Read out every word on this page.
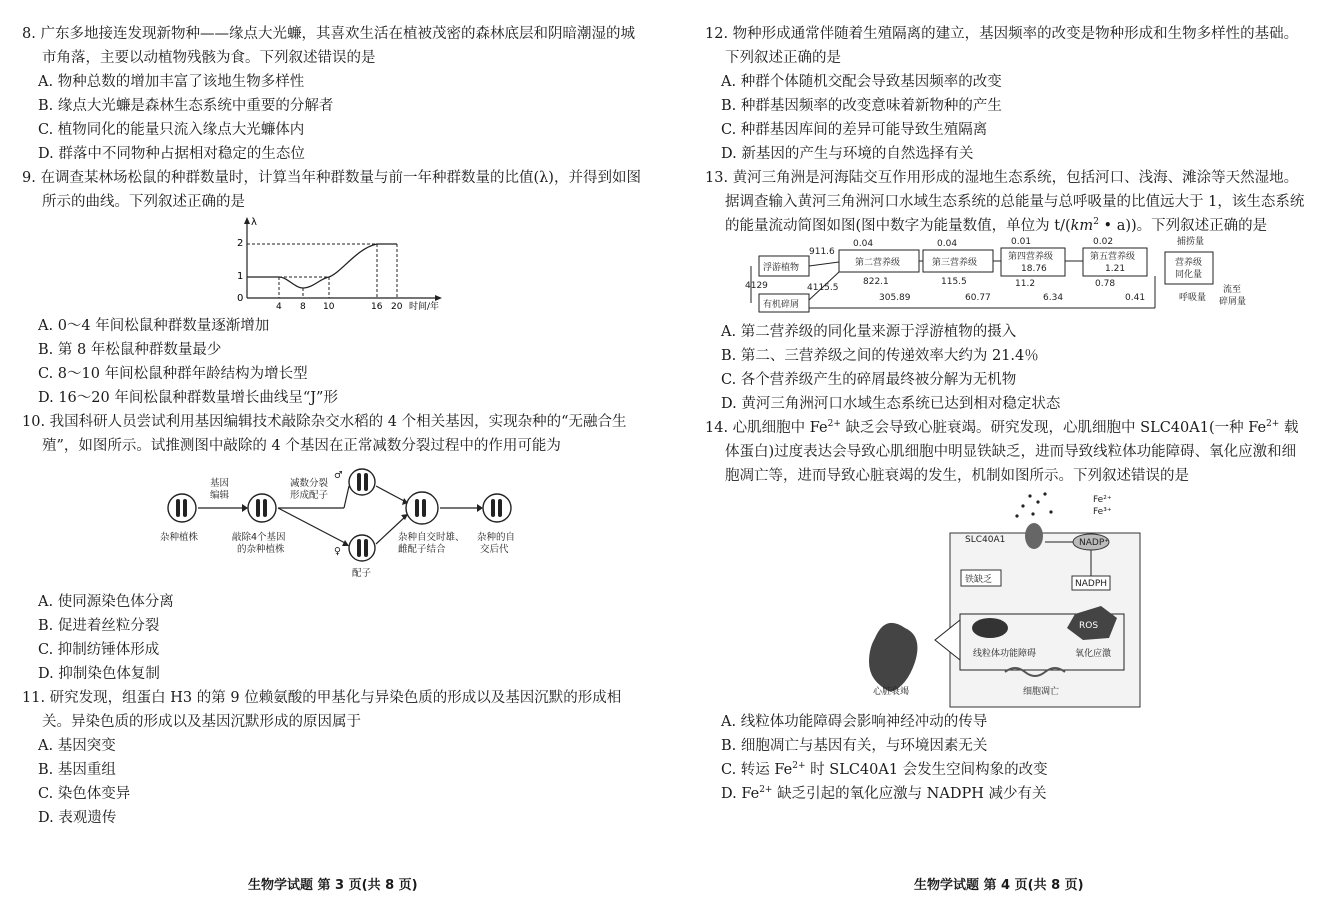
8. 广东多地接连发现新物种——缘点大光蠊，其喜欢生活在植被茂密的森林底层和阴暗潮湿的城市角落，主要以动植物残骸为食。下列叙述错误的是
A. 物种总数的增加丰富了该地生物多样性
B. 缘点大光蠊是森林生态系统中重要的分解者
C. 植物同化的能量只流入缘点大光蠊体内
D. 群落中不同物种占据相对稳定的生态位
9. 在调查某林场松鼠的种群数量时，计算当年种群数量与前一年种群数量的比值(λ)，并得到如图所示的曲线。下列叙述正确的是
λ
2
1
0
4 8 10	16 20 时间/年
A. 0～4 年间松鼠种群数量逐渐增加
B. 第 8 年松鼠种群数量最少
C. 8～10 年间松鼠种群年龄结构为增长型
D. 16～20 年间松鼠种群数量增长曲线呈“J”形
10. 我国科研人员尝试利用基因编辑技术敲除杂交水稻的 4 个相关基因，实现杂种的“无融合生殖”，如图所示。试推测图中敲除的 4 个基因在正常减数分裂过程中的作用可能为
杂种植株
基因
编辑
敲除4个基因
的杂种植株
减数分裂
形成配子
♂
♀
杂种自交时雄、
雌配子结合
杂种的自
交后代
配子
A. 使同源染色体分离
B. 促进着丝粒分裂
C. 抑制纺锤体形成
D. 抑制染色体复制
11. 研究发现，组蛋白 H3 的第 9 位赖氨酸的甲基化与异染色质的形成以及基因沉默的形成相关。异染色质的形成以及基因沉默形成的原因属于
A. 基因突变
B. 基因重组
C. 染色体变异
D. 表观遗传
生物学试题 第 3 页(共 8 页)
12. 物种形成通常伴随着生殖隔离的建立，基因频率的改变是物种形成和生物多样性的基础。下列叙述正确的是
A. 种群个体随机交配会导致基因频率的改变
B. 种群基因频率的改变意味着新物种的产生
C. 种群基因库间的差异可能导致生殖隔离
D. 新基因的产生与环境的自然选择有关
13. 黄河三角洲是河海陆交互作用形成的湿地生态系统，包括河口、浅海、滩涂等天然湿地。据调查输入黄河三角洲河口水域生态系统的总能量与总呼吸量的比值远大于 1，该生态系统的能量流动简图如图(图中数字为能量数值，单位为 $t/(km^2$ • a))。下列叙述正确的是
浮游植物	第二营养级	第三营养级
第四营养级
18.76
第五营养级
1.21
有机碎屑
911.6
4129	4115.5
0.04
822.1
305.89
0.04
115.5
60.77
0.01
11.2
6.34
0.02
0.78
0.41
捕捞量
营养级
同化量
呼吸量
流至
碎屑量
A. 第二营养级的同化量来源于浮游植物的摄入
B. 第二、三营养级之间的传递效率大约为 21.4％
C. 各个营养级产生的碎屑最终被分解为无机物
D. 黄河三角洲河口水域生态系统已达到相对稳定状态
14. 心肌细胞中 $Fe^{2+}$ 缺乏会导致心脏衰竭。研究发现，心肌细胞中 SLC40A1(一种 $Fe^{2+}$ 载体蛋白)过度表达会导致心肌细胞中明显铁缺乏，进而导致线粒体功能障碍、氧化应激和细胞凋亡等，进而导致心脏衰竭的发生，机制如图所示。下列叙述错误的是
Fe²⁺
Fe³⁺
SLC40A1	NADP⁺
NADPH
铁缺乏
ROS
线粒体功能障碍	氧化应激
细胞凋亡
心脏衰竭
A. 线粒体功能障碍会影响神经冲动的传导
B. 细胞凋亡与基因有关，与环境因素无关
C. 转运 $Fe^{2+}$ 时 SLC40A1 会发生空间构象的改变
D. $Fe^{2+}$ 缺乏引起的氧化应激与 NADPH 减少有关
生物学试题 第 4 页(共 8 页)
